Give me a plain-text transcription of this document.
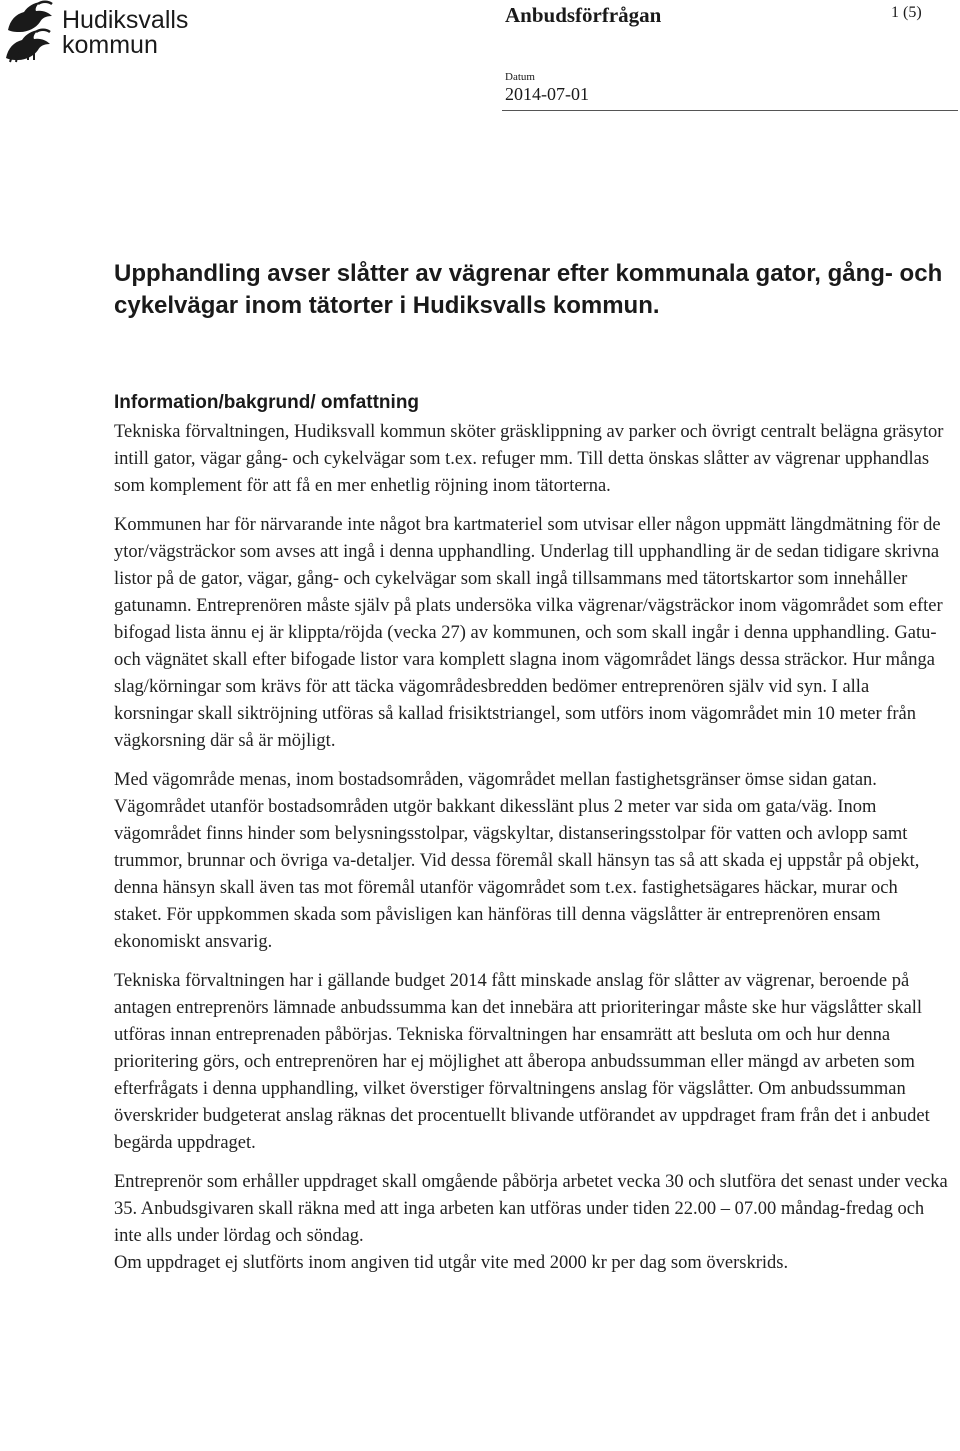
Hudiksvalls
kommun
Anbudsförfrågan	1 (5)
Datum
2014-07-01
Upphandling avser slåtter av vägrenar efter kommunala gator, gång- och cykelvägar inom tätorter i Hudiksvalls kommun.
Information/bakgrund/ omfattning

Tekniska förvaltningen, Hudiksvall kommun sköter gräsklippning av parker och övrigt centralt belägna gräsytor intill gator, vägar gång- och cykelvägar som t.ex. refuger mm. Till detta önskas slåtter av vägrenar upphandlas som komplement för att få en mer enhetlig röjning inom tätorterna.

Kommunen har för närvarande inte något bra kartmateriel som utvisar eller någon uppmätt längdmätning för de ytor/vägsträckor som avses att ingå i denna upphandling. Underlag till upphandling är de sedan tidigare skrivna listor på de gator, vägar, gång- och cykelvägar som skall ingå tillsammans med tätortskartor som innehåller gatunamn. Entreprenören måste själv på plats undersöka vilka vägrenar/vägsträckor inom vägområdet som efter bifogad lista ännu ej är klippta/röjda (vecka 27) av kommunen, och som skall ingår i denna upphandling. Gatu- och vägnätet skall efter bifogade listor vara komplett slagna inom vägområdet längs dessa sträckor. Hur många slag/körningar som krävs för att täcka vägområdesbredden bedömer entreprenören själv vid syn. I alla korsningar skall siktröjning utföras så kallad frisiktstriangel, som utförs inom vägområdet min 10 meter från vägkorsning där så är möjligt.

Med vägområde menas, inom bostadsområden, vägområdet mellan fastighetsgränser ömse sidan gatan. Vägområdet utanför bostadsområden utgör bakkant dikesslänt plus 2 meter var sida om gata/väg. Inom vägområdet finns hinder som belysningsstolpar, vägskyltar, distanseringsstolpar för vatten och avlopp samt trummor, brunnar och övriga va-detaljer. Vid dessa föremål skall hänsyn tas så att skada ej uppstår på objekt, denna hänsyn skall även tas mot föremål utanför vägområdet som t.ex. fastighetsägares häckar, murar och staket. För uppkommen skada som påvisligen kan hänföras till denna vägslåtter är entreprenören ensam ekonomiskt ansvarig.

Tekniska förvaltningen har i gällande budget 2014 fått minskade anslag för slåtter av vägrenar, beroende på antagen entreprenörs lämnade anbudssumma kan det innebära att prioriteringar måste ske hur vägslåtter skall utföras innan entreprenaden påbörjas. Tekniska förvaltningen har ensamrätt att besluta om och hur denna prioritering görs, och entreprenören har ej möjlighet att åberopa anbudssumman eller mängd av arbeten som efterfrågats i denna upphandling, vilket överstiger förvaltningens anslag för vägslåtter. Om anbudssumman överskrider budgeterat anslag räknas det procentuellt blivande utförandet av uppdraget fram från det i anbudet begärda uppdraget.

Entreprenör som erhåller uppdraget skall omgående påbörja arbetet vecka 30 och slutföra det senast under vecka 35. Anbudsgivaren skall räkna med att inga arbeten kan utföras under tiden 22.00 – 07.00 måndag-fredag och inte alls under lördag och söndag.

Om uppdraget ej slutförts inom angiven tid utgår vite med 2000 kr per dag som överskrids.
